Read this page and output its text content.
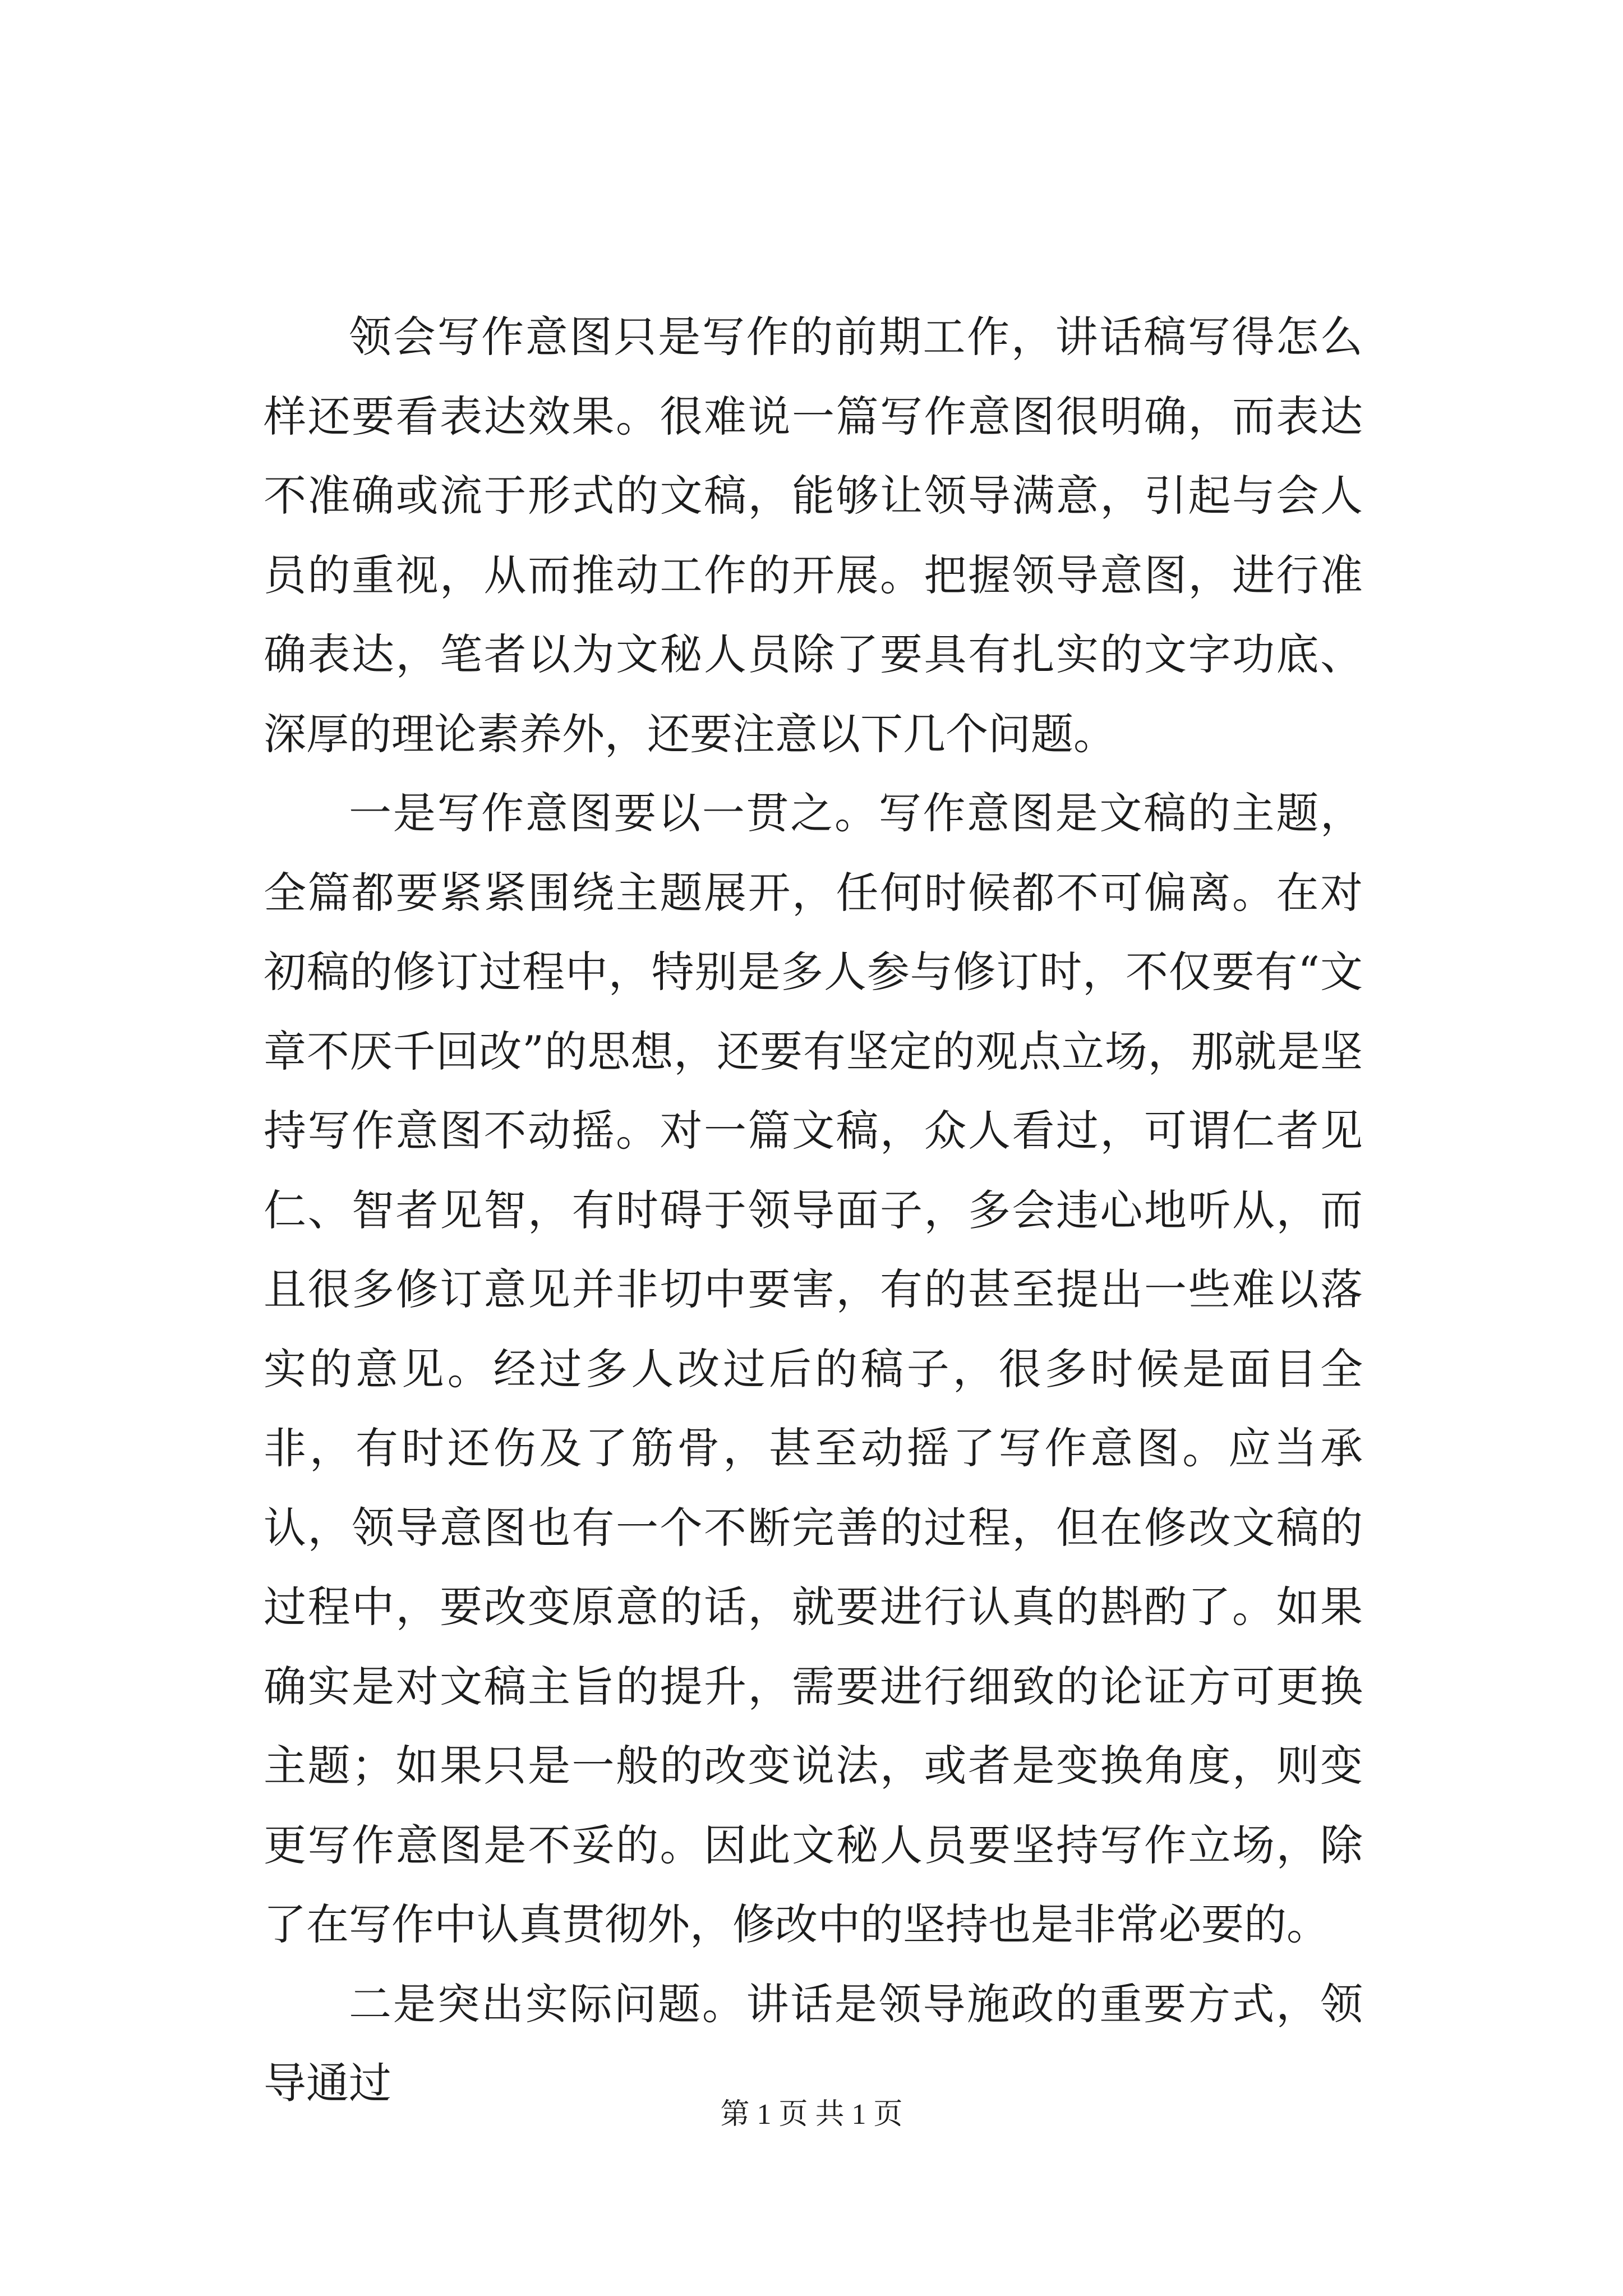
领会写作意图只是写作的前期工作，讲话稿写得怎么样还要看表达效果。很难说一篇写作意图很明确，而表达不准确或流于形式的文稿，能够让领导满意，引起与会人员的重视，从而推动工作的开展。把握领导意图，进行准确表达，笔者以为文秘人员除了要具有扎实的文字功底、深厚的理论素养外，还要注意以下几个问题。

一是写作意图要以一贯之。写作意图是文稿的主题，全篇都要紧紧围绕主题展开，任何时候都不可偏离。在对初稿的修订过程中，特别是多人参与修订时，不仅要有“文章不厌千回改”的思想，还要有坚定的观点立场，那就是坚持写作意图不动摇。对一篇文稿，众人看过，可谓仁者见仁、智者见智，有时碍于领导面子，多会违心地听从，而且很多修订意见并非切中要害，有的甚至提出一些难以落实的意见。经过多人改过后的稿子，很多时候是面目全非，有时还伤及了筋骨，甚至动摇了写作意图。应当承认，领导意图也有一个不断完善的过程，但在修改文稿的过程中，要改变原意的话，就要进行认真的斟酌了。如果确实是对文稿主旨的提升，需要进行细致的论证方可更换主题；如果只是一般的改变说法，或者是变换角度，则变更写作意图是不妥的。因此文秘人员要坚持写作立场，除了在写作中认真贯彻外，修改中的坚持也是非常必要的。

二是突出实际问题。讲话是领导施政的重要方式，领导通过

第 1 页 共 1 页
